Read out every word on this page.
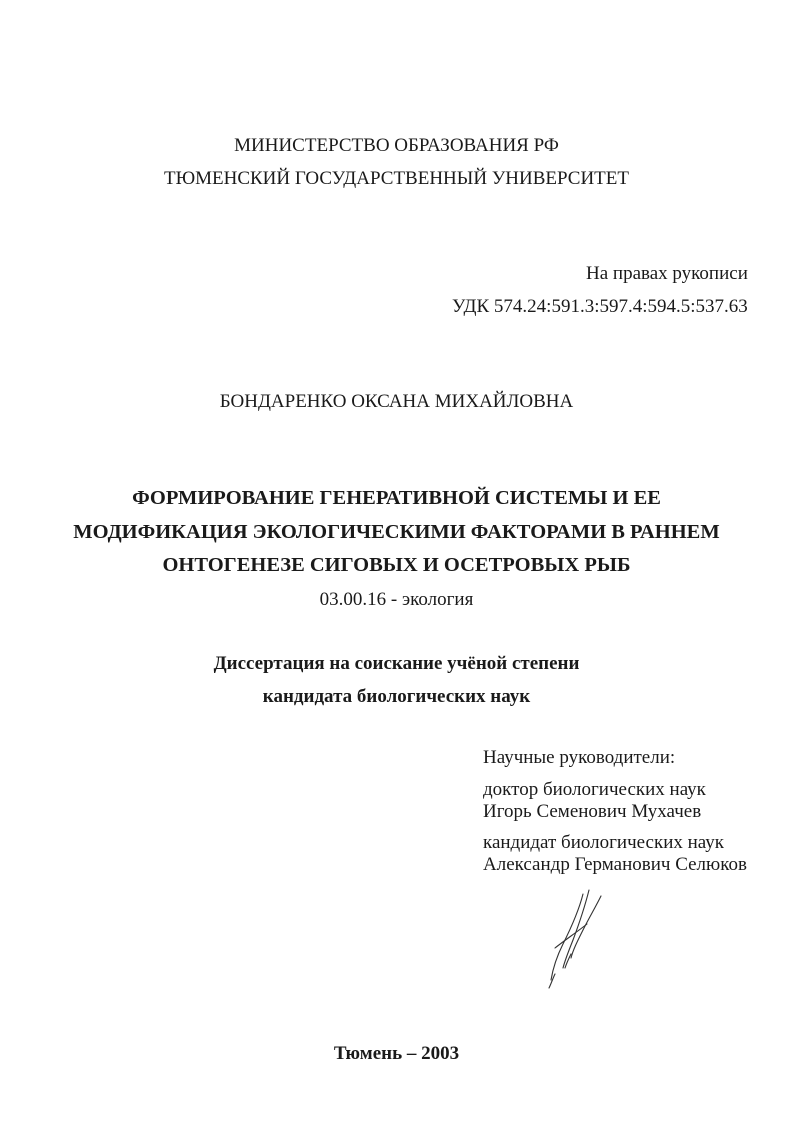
МИНИСТЕРСТВО ОБРАЗОВАНИЯ РФ
ТЮМЕНСКИЙ ГОСУДАРСТВЕННЫЙ УНИВЕРСИТЕТ
На правах рукописи
УДК 574.24:591.3:597.4:594.5:537.63
БОНДАРЕНКО ОКСАНА МИХАЙЛОВНА
ФОРМИРОВАНИЕ ГЕНЕРАТИВНОЙ СИСТЕМЫ И ЕЕ
МОДИФИКАЦИЯ ЭКОЛОГИЧЕСКИМИ ФАКТОРАМИ В РАННЕМ
ОНТОГЕНЕЗЕ СИГОВЫХ И ОСЕТРОВЫХ РЫБ
03.00.16 - экология
Диссертация на соискание учёной степени
кандидата биологических наук
Научные руководители:
доктор биологических наук
Игорь Семенович Мухачев
кандидат биологических наук
Александр Германович Селюков
Тюмень – 2003
